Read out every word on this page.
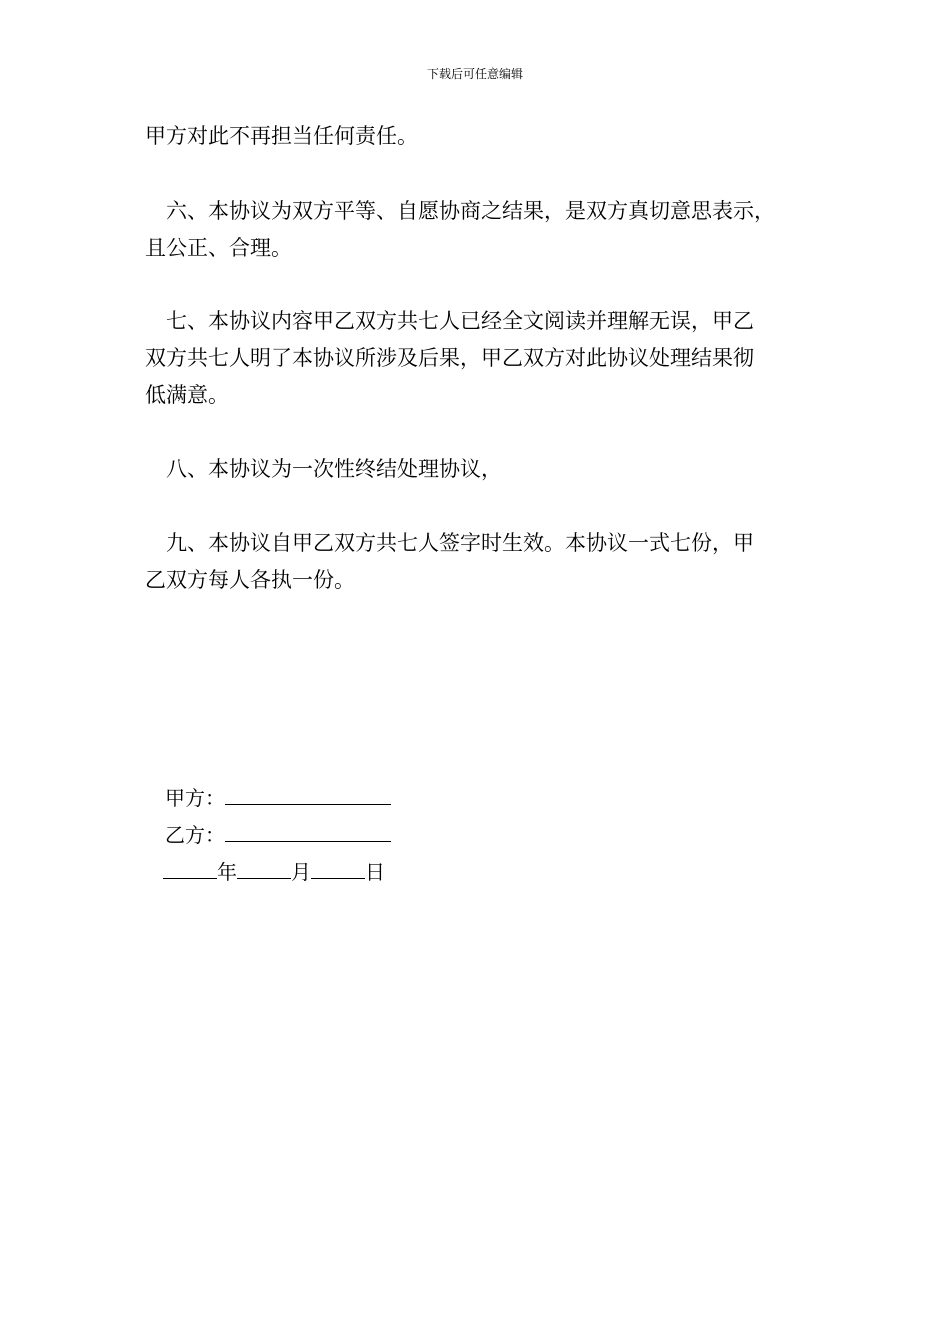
下载后可任意编辑

甲方对此不再担当任何责任。

　六、本协议为双方平等、自愿协商之结果，是双方真切意思表示，
且公正、合理。

　七、本协议内容甲乙双方共七人已经全文阅读并理解无误，甲乙
双方共七人明了本协议所涉及后果，甲乙双方对此协议处理结果彻
低满意。

　八、本协议为一次性终结处理协议，

　九、本协议自甲乙双方共七人签字时生效。本协议一式七份，甲
乙双方每人各执一份。

甲方：
乙方：
年	月	日
